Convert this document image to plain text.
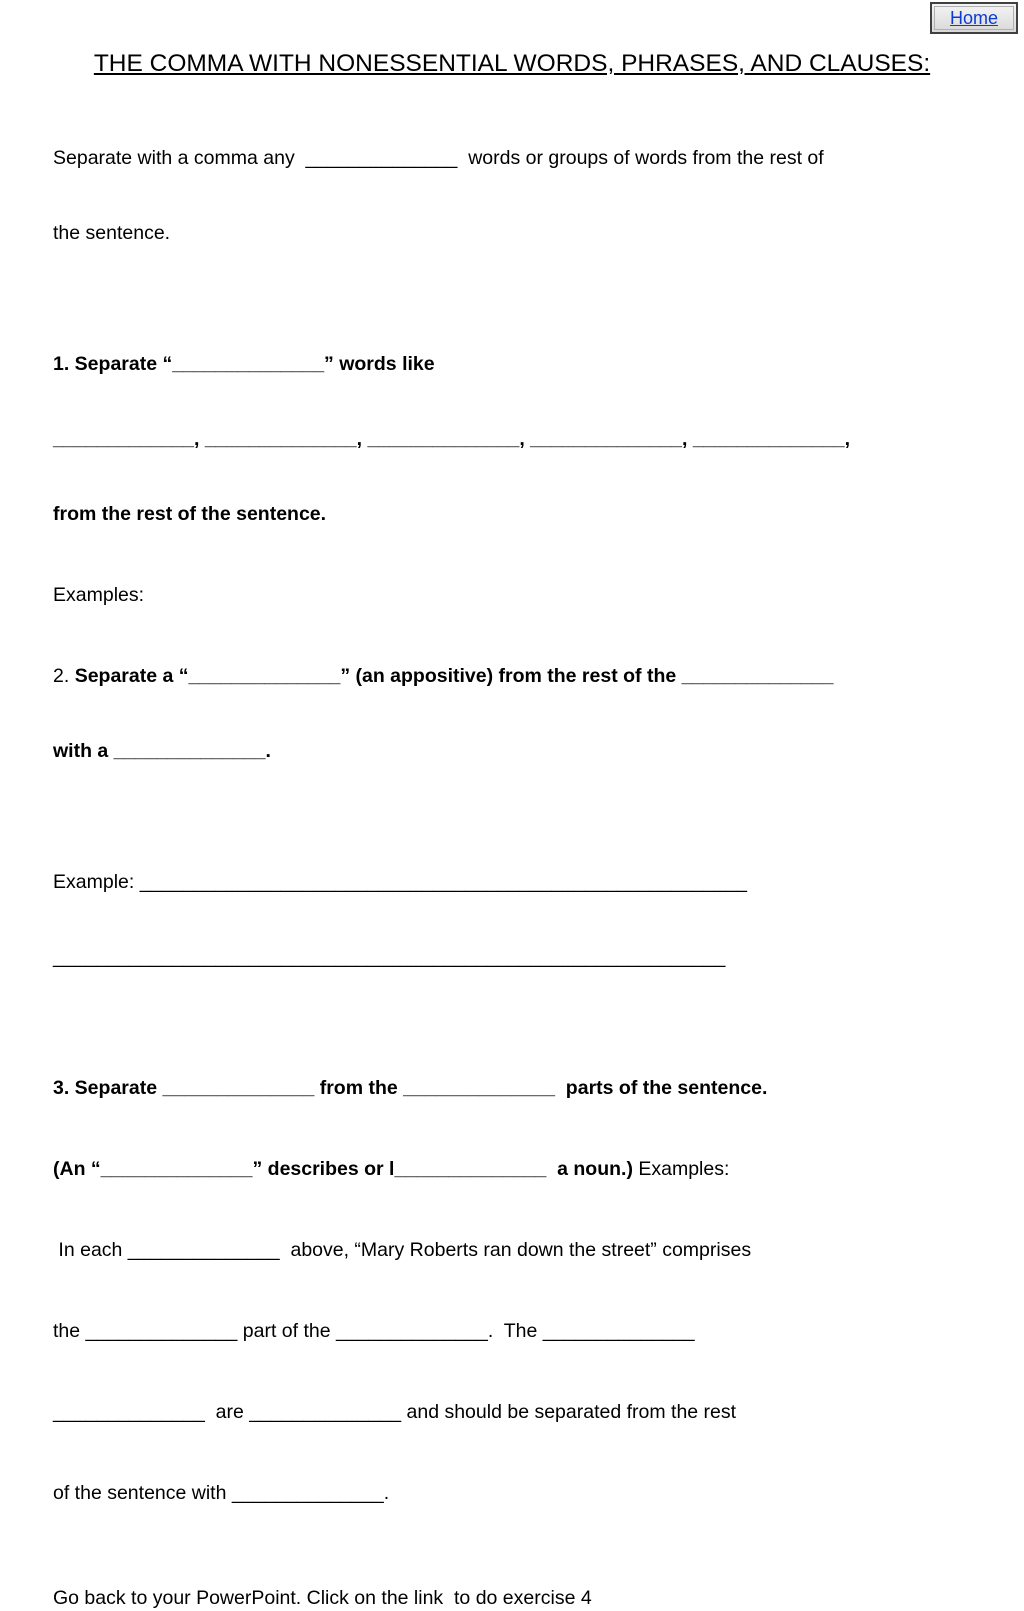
Home
THE COMMA WITH NONESSENTIAL WORDS, PHRASES, AND CLAUSES:

Separate with a comma any  ______________  words or groups of words from the rest of

the sentence.

1. Separate “______________” words like

_____________, ______________, ______________, ______________, ______________,

from the rest of the sentence.

Examples:

2. Separate a “______________” (an appositive) from the rest of the ______________

with a ______________.

Example: ________________________________________________________

______________________________________________________________

3. Separate ______________ from the ______________  parts of the sentence.

(An “______________” describes or l______________  a noun.) Examples:

In each ______________  above, “Mary Roberts ran down the street” comprises

the ______________ part of the ______________.  The ______________

______________  are ______________ and should be separated from the rest

of the sentence with ______________.

Go back to your PowerPoint. Click on the link  to do exercise 4
